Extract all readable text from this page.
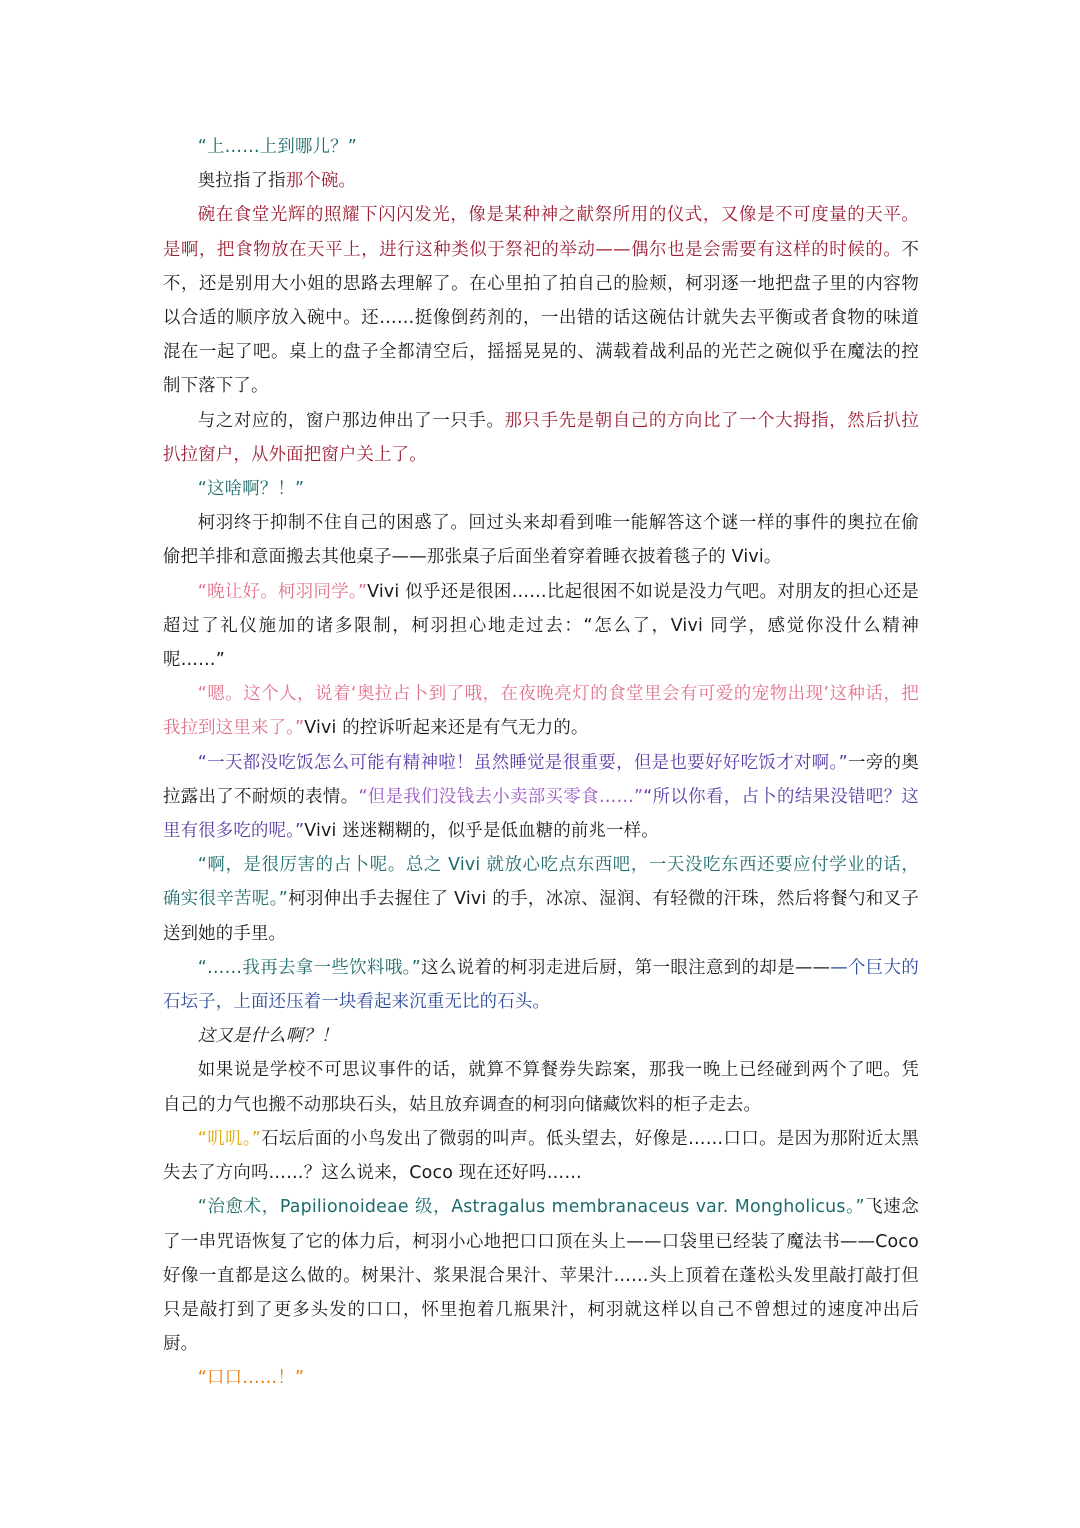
“上……上到哪儿？”

奥拉指了指那个碗。

碗在食堂光辉的照耀下闪闪发光，像是某种神之献祭所用的仪式，又像是不可度量的天平。是啊，把食物放在天平上，进行这种类似于祭祀的举动——偶尔也是会需要有这样的时候的。不不，还是别用大小姐的思路去理解了。在心里拍了拍自己的脸颊，柯羽逐一地把盘子里的内容物以合适的顺序放入碗中。还……挺像倒药剂的，一出错的话这碗估计就失去平衡或者食物的味道混在一起了吧。桌上的盘子全都清空后，摇摇晃晃的、满载着战利品的光芒之碗似乎在魔法的控制下落下了。

与之对应的，窗户那边伸出了一只手。那只手先是朝自己的方向比了一个大拇指，然后扒拉扒拉窗户，从外面把窗户关上了。

“这啥啊？！”

柯羽终于抑制不住自己的困惑了。回过头来却看到唯一能解答这个谜一样的事件的奥拉在偷偷把羊排和意面搬去其他桌子——那张桌子后面坐着穿着睡衣披着毯子的 Vivi。

“晚让好。柯羽同学。”Vivi 似乎还是很困……比起很困不如说是没力气吧。对朋友的担心还是超过了礼仪施加的诸多限制，柯羽担心地走过去：“怎么了，Vivi 同学，感觉你没什么精神呢……”

“嗯。这个人，说着‘奥拉占卜到了哦，在夜晚亮灯的食堂里会有可爱的宠物出现’这种话，把我拉到这里来了。”Vivi 的控诉听起来还是有气无力的。

“一天都没吃饭怎么可能有精神啦！虽然睡觉是很重要，但是也要好好吃饭才对啊。”一旁的奥拉露出了不耐烦的表情。“但是我们没钱去小卖部买零食……”“所以你看，占卜的结果没错吧？这里有很多吃的呢。”Vivi 迷迷糊糊的，似乎是低血糖的前兆一样。

“啊，是很厉害的占卜呢。总之 Vivi 就放心吃点东西吧，一天没吃东西还要应付学业的话，确实很辛苦呢。”柯羽伸出手去握住了 Vivi 的手，冰凉、湿润、有轻微的汗珠，然后将餐勺和叉子送到她的手里。

“……我再去拿一些饮料哦。”这么说着的柯羽走进后厨，第一眼注意到的却是———个巨大的石坛子，上面还压着一块看起来沉重无比的石头。

这又是什么啊？！

如果说是学校不可思议事件的话，就算不算餐券失踪案，那我一晚上已经碰到两个了吧。凭自己的力气也搬不动那块石头，姑且放弃调查的柯羽向储藏饮料的柜子走去。

“叽叽。”石坛后面的小鸟发出了微弱的叫声。低头望去，好像是……口口。是因为那附近太黑失去了方向吗……？这么说来，Coco 现在还好吗……

“治愈术，Papilionoideae 级，Astragalus membranaceus var. Mongholicus。”飞速念了一串咒语恢复了它的体力后，柯羽小心地把口口顶在头上——口袋里已经装了魔法书——Coco 好像一直都是这么做的。树果汁、浆果混合果汁、苹果汁……头上顶着在蓬松头发里敲打敲打但只是敲打到了更多头发的口口，怀里抱着几瓶果汁，柯羽就这样以自己不曾想过的速度冲出后厨。

“口口……！”
